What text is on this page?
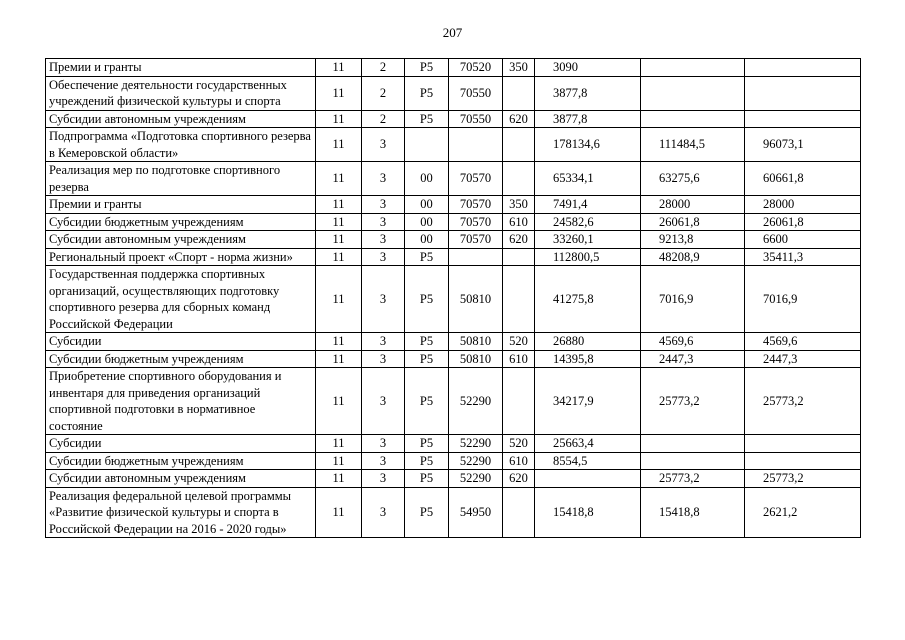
207
Премии и гранты	11	2	Р5	70520	350	3090		
Обеспечение деятельности государственных учреждений физической культуры и спорта	11	2	Р5	70550		3877,8		
Субсидии автономным учреждениям	11	2	Р5	70550	620	3877,8		
Подпрограмма «Подготовка спортивного резерва в Кемеровской области»	11	3				178134,6	111484,5	96073,1
Реализация мер по подготовке спортивного резерва	11	3	00	70570		65334,1	63275,6	60661,8
Премии и гранты	11	3	00	70570	350	7491,4	28000	28000
Субсидии бюджетным учреждениям	11	3	00	70570	610	24582,6	26061,8	26061,8
Субсидии автономным учреждениям	11	3	00	70570	620	33260,1	9213,8	6600
Региональный проект «Спорт - норма жизни»	11	3	Р5			112800,5	48208,9	35411,3
Государственная поддержка спортивных организаций, осуществляющих подготовку спортивного резерва для сборных команд Российской Федерации	11	3	Р5	50810		41275,8	7016,9	7016,9
Субсидии	11	3	Р5	50810	520	26880	4569,6	4569,6
Субсидии бюджетным учреждениям	11	3	Р5	50810	610	14395,8	2447,3	2447,3
Приобретение спортивного оборудования и инвентаря для приведения организаций спортивной подготовки в нормативное состояние	11	3	Р5	52290		34217,9	25773,2	25773,2
Субсидии	11	3	Р5	52290	520	25663,4		
Субсидии бюджетным учреждениям	11	3	Р5	52290	610	8554,5		
Субсидии автономным учреждениям	11	3	Р5	52290	620		25773,2	25773,2
Реализация федеральной целевой программы «Развитие физической культуры и спорта в Российской Федерации на 2016 - 2020 годы»	11	3	Р5	54950		15418,8	15418,8	2621,2
